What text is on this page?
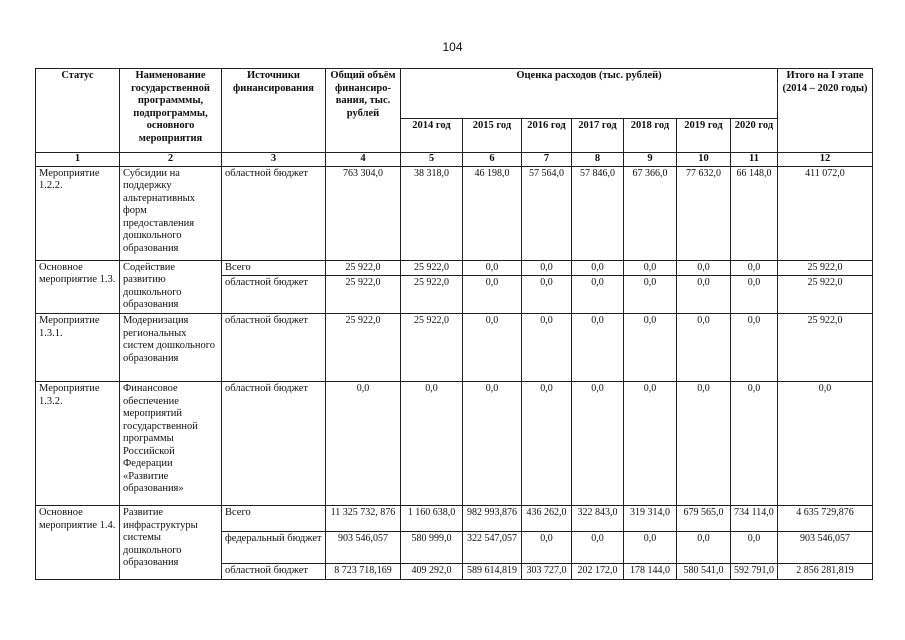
104
Статус	Наименование государственной программмы, подпрограммы, основного мероприятия	Источники финансирования	Общий объём финансиро-вания, тыс. рублей	Оценка расходов (тыс. рублей)							Итого на I этапе (2014 – 2020 годы)
				2014 год	2015 год	2016 год	2017 год	2018 год	2019 год	2020 год	
1	2	3	4	5	6	7	8	9	10	11	12
Мероприятие 1.2.2.	Субсидии на поддержку альтернативных форм предоставления дошкольного образования	областной бюджет	763 304,0	38 318,0	46 198,0	57 564,0	57 846,0	67 366,0	77 632,0	66 148,0	411 072,0
Основное мероприятие 1.3.	Содействие развитию дошкольного образования	Всего	25 922,0	25 922,0	0,0	0,0	0,0	0,0	0,0	0,0	25 922,0
		областной бюджет	25 922,0	25 922,0	0,0	0,0	0,0	0,0	0,0	0,0	25 922,0
Мероприятие 1.3.1.	Модернизация региональных систем дошкольного образования	областной бюджет	25 922,0	25 922,0	0,0	0,0	0,0	0,0	0,0	0,0	25 922,0
Мероприятие 1.3.2.	Финансовое обеспечение мероприятий государственной программы Российской Федерации «Развитие образования»	областной бюджет	0,0	0,0	0,0	0,0	0,0	0,0	0,0	0,0	0,0
Основное мероприятие 1.4.	Развитие инфраструктуры системы дошкольного образования	Всего	11 325 732, 876	1 160 638,0	982 993,876	436 262,0	322 843,0	319 314,0	679 565,0	734 114,0	4 635 729,876
		федеральный бюджет	903 546,057	580 999,0	322 547,057	0,0	0,0	0,0	0,0	0,0	903 546,057
		областной бюджет	8 723 718,169	409 292,0	589 614,819	303 727,0	202 172,0	178 144,0	580 541,0	592 791,0	2 856 281,819
